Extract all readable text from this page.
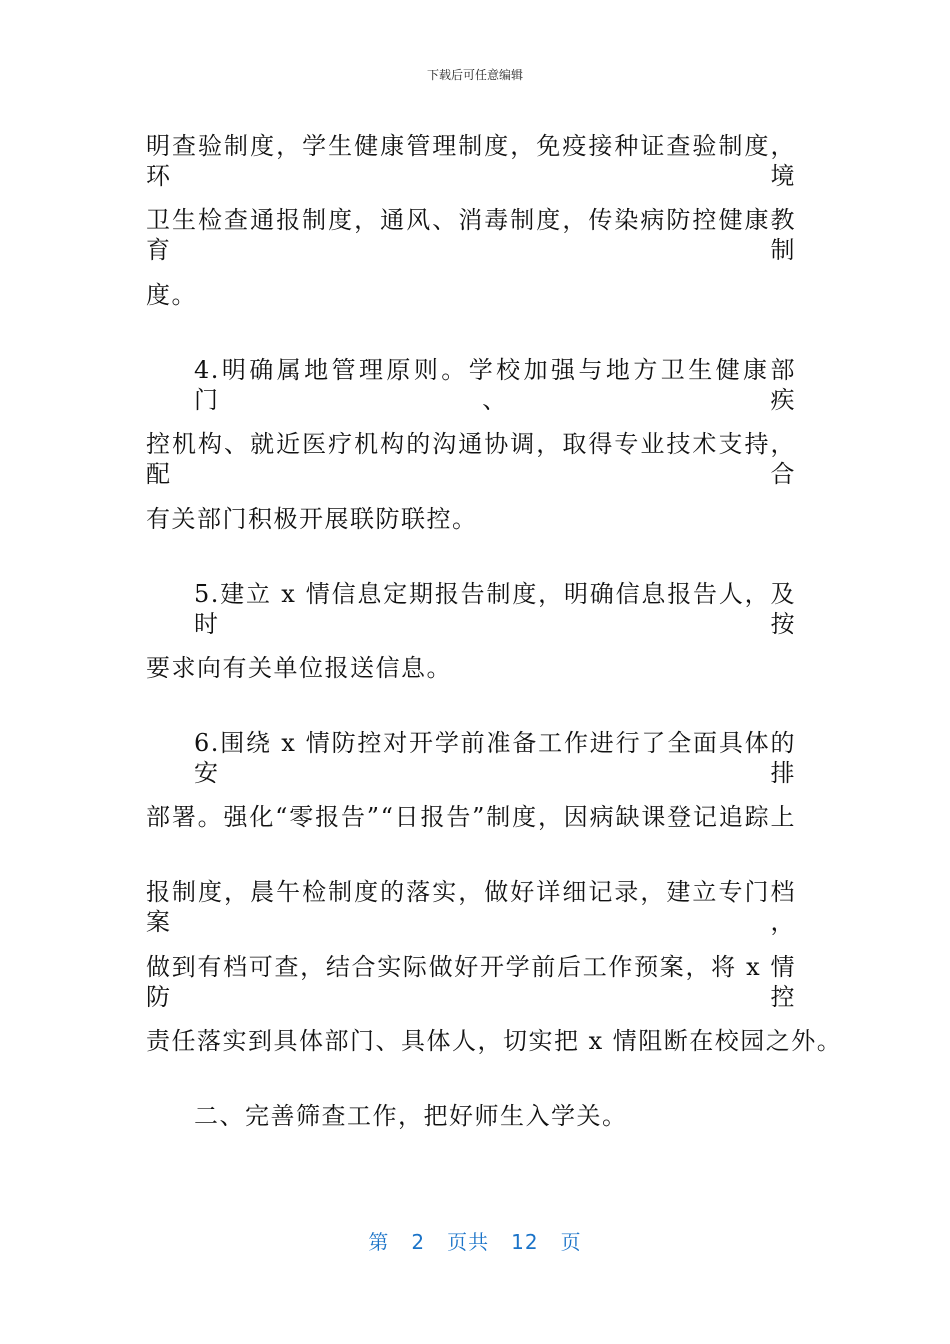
下载后可任意编辑
明查验制度，学生健康管理制度，免疫接种证查验制度，环境
卫生检查通报制度，通风、消毒制度，传染病防控健康教育制
度。
4.明确属地管理原则。学校加强与地方卫生健康部门、疾
控机构、就近医疗机构的沟通协调，取得专业技术支持，配合
有关部门积极开展联防联控。
5.建立 x 情信息定期报告制度，明确信息报告人，及时按
要求向有关单位报送信息。
6.围绕 x 情防控对开学前准备工作进行了全面具体的安排
部署。强化“零报告”“日报告”制度，因病缺课登记追踪上
报制度，晨午检制度的落实，做好详细记录，建立专门档案，
做到有档可查，结合实际做好开学前后工作预案，将 x 情防控
责任落实到具体部门、具体人，切实把 x 情阻断在校园之外。
二、完善筛查工作，把好师生入学关。
第 2 页共 12 页
